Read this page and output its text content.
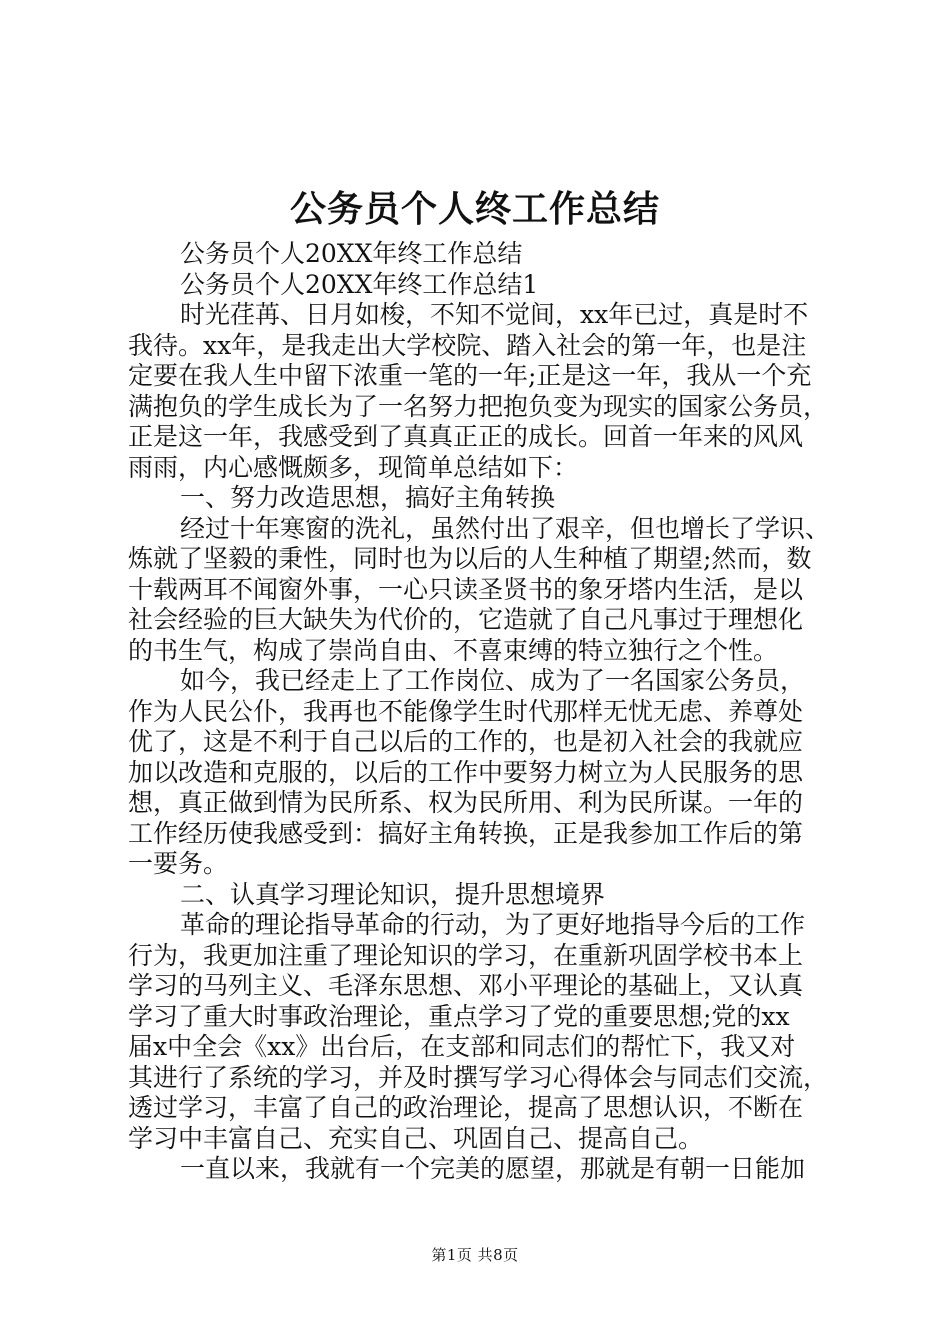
公务员个人终工作总结
公务员个人20XX年终工作总结
公务员个人20XX年终工作总结1
时光荏苒、日月如梭，不知不觉间，xx年已过，真是时不
我待。xx年，是我走出大学校院、踏入社会的第一年，也是注
定要在我人生中留下浓重一笔的一年;正是这一年，我从一个充
满抱负的学生成长为了一名努力把抱负变为现实的国家公务员，
正是这一年，我感受到了真真正正的成长。回首一年来的风风
雨雨，内心感慨颇多，现简单总结如下：
一、努力改造思想，搞好主角转换
经过十年寒窗的洗礼，虽然付出了艰辛，但也增长了学识、
炼就了坚毅的秉性，同时也为以后的人生种植了期望;然而，数
十载两耳不闻窗外事，一心只读圣贤书的象牙塔内生活，是以
社会经验的巨大缺失为代价的，它造就了自己凡事过于理想化
的书生气，构成了崇尚自由、不喜束缚的特立独行之个性。
如今，我已经走上了工作岗位、成为了一名国家公务员，
作为人民公仆，我再也不能像学生时代那样无忧无虑、养尊处
优了，这是不利于自己以后的工作的，也是初入社会的我就应
加以改造和克服的，以后的工作中要努力树立为人民服务的思
想，真正做到情为民所系、权为民所用、利为民所谋。一年的
工作经历使我感受到：搞好主角转换，正是我参加工作后的第
一要务。
二、认真学习理论知识，提升思想境界
革命的理论指导革命的行动，为了更好地指导今后的工作
行为，我更加注重了理论知识的学习，在重新巩固学校书本上
学习的马列主义、毛泽东思想、邓小平理论的基础上，又认真
学习了重大时事政治理论，重点学习了党的重要思想;党的xx
届x中全会《xx》出台后，在支部和同志们的帮忙下，我又对
其进行了系统的学习，并及时撰写学习心得体会与同志们交流，
透过学习，丰富了自己的政治理论，提高了思想认识，不断在
学习中丰富自己、充实自己、巩固自己、提高自己。
一直以来，我就有一个完美的愿望，那就是有朝一日能加
第1页 共8页
